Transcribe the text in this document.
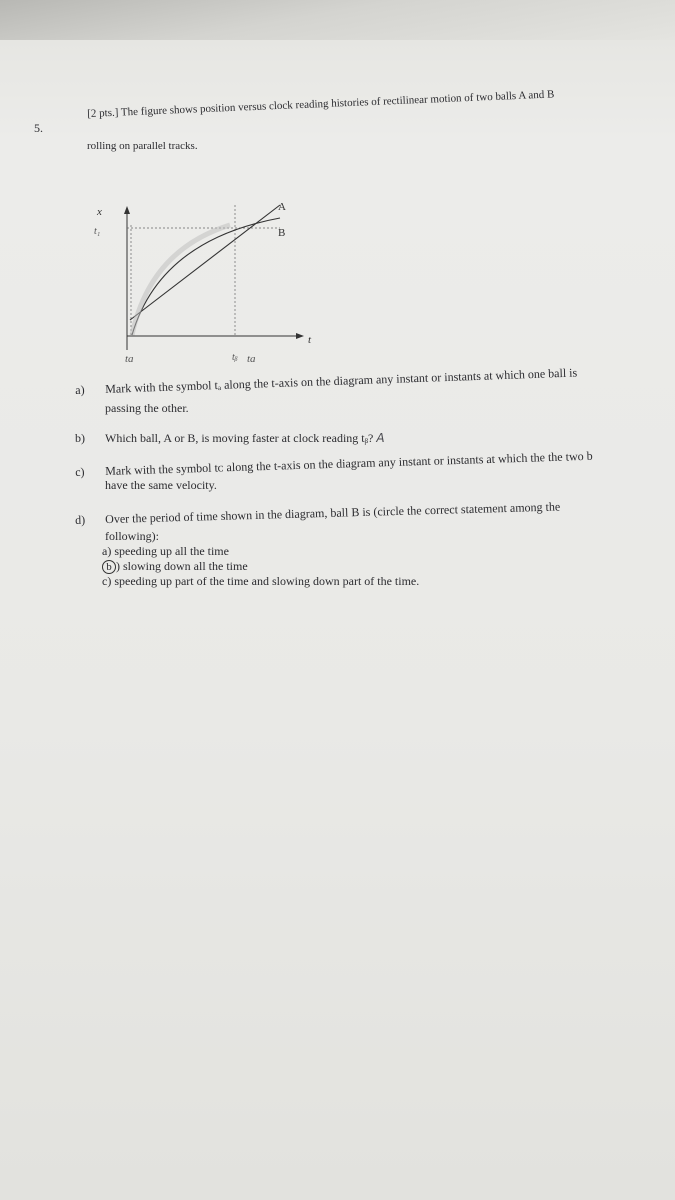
5.
[2 pts.] The figure shows position versus clock reading histories of rectilinear motion of two balls A and B
rolling on parallel tracks.
x
t
A
B
t₁
ta	tᵦ ta
a) Mark with the symbol tₐ along the t-axis on the diagram any instant or instants at which one ball is
passing the other.
b) Which ball, A or B, is moving faster at clock reading tᵦ? A
c) Mark with the symbol tᴄ along the t-axis on the diagram any instant or instants at which the the two b
have the same velocity.
d) Over the period of time shown in the diagram, ball B is (circle the correct statement among the
following):
a) speeding up all the time
b ) slowing down all the time
c) speeding up part of the time and slowing down part of the time.
